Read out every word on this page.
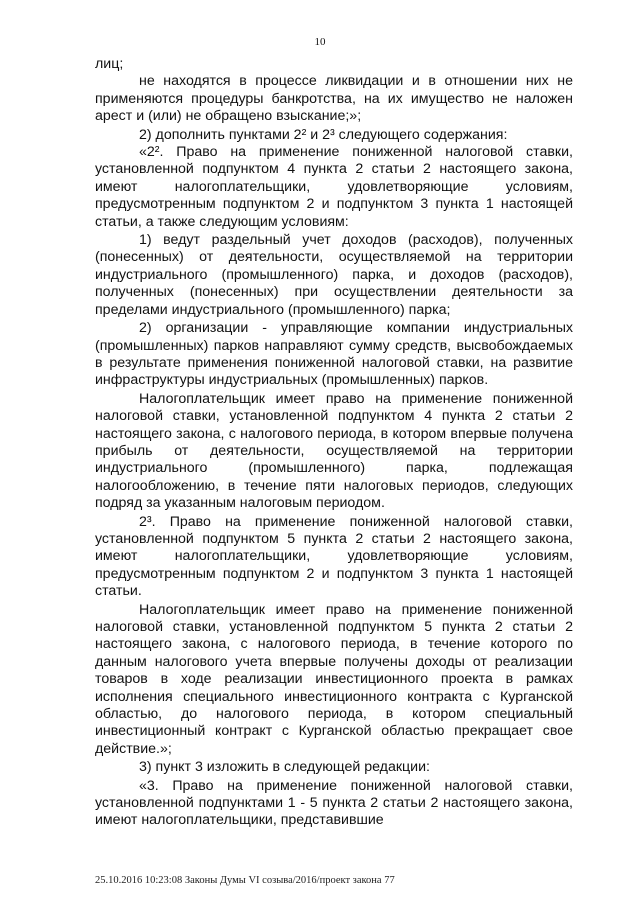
10

лиц;

не находятся в процессе ликвидации и в отношении них не применяются процедуры банкротства, на их имущество не наложен арест и (или) не обращено взыскание;»;

2) дополнить пунктами 2² и 2³ следующего содержания:

«2². Право на применение пониженной налоговой ставки, установленной подпунктом 4 пункта 2 статьи 2 настоящего закона, имеют налогоплательщики, удовлетворяющие условиям, предусмотренным подпунктом 2 и подпунктом 3 пункта 1 настоящей статьи, а также следующим условиям:

1) ведут раздельный учет доходов (расходов), полученных (понесенных) от деятельности, осуществляемой на территории индустриального (промышленного) парка, и доходов (расходов), полученных (понесенных) при осуществлении деятельности за пределами индустриального (промышленного) парка;

2) организации - управляющие компании индустриальных (промышленных) парков направляют сумму средств, высвобождаемых в результате применения пониженной налоговой ставки, на развитие инфраструктуры индустриальных (промышленных) парков.

Налогоплательщик имеет право на применение пониженной налоговой ставки, установленной подпунктом 4 пункта 2 статьи 2 настоящего закона, с налогового периода, в котором впервые получена прибыль от деятельности, осуществляемой на территории индустриального (промышленного) парка, подлежащая налогообложению, в течение пяти налоговых периодов, следующих подряд за указанным налоговым периодом.

2³. Право на применение пониженной налоговой ставки, установленной подпунктом 5 пункта 2 статьи 2 настоящего закона, имеют налогоплательщики, удовлетворяющие условиям, предусмотренным подпунктом 2 и подпунктом 3 пункта 1 настоящей статьи.

Налогоплательщик имеет право на применение пониженной налоговой ставки, установленной подпунктом 5 пункта 2 статьи 2 настоящего закона, с налогового периода, в течение которого по данным налогового учета впервые получены доходы от реализации товаров в ходе реализации инвестиционного проекта в рамках исполнения специального инвестиционного контракта с Курганской областью, до налогового периода, в котором специальный инвестиционный контракт с Курганской областью прекращает свое действие.»;

3) пункт 3 изложить в следующей редакции:

«3. Право на применение пониженной налоговой ставки, установленной подпунктами 1 - 5 пункта 2 статьи 2 настоящего закона, имеют налогоплательщики, представившие

25.10.2016 10:23:08 Законы Думы VI созыва/2016/проект закона 77
